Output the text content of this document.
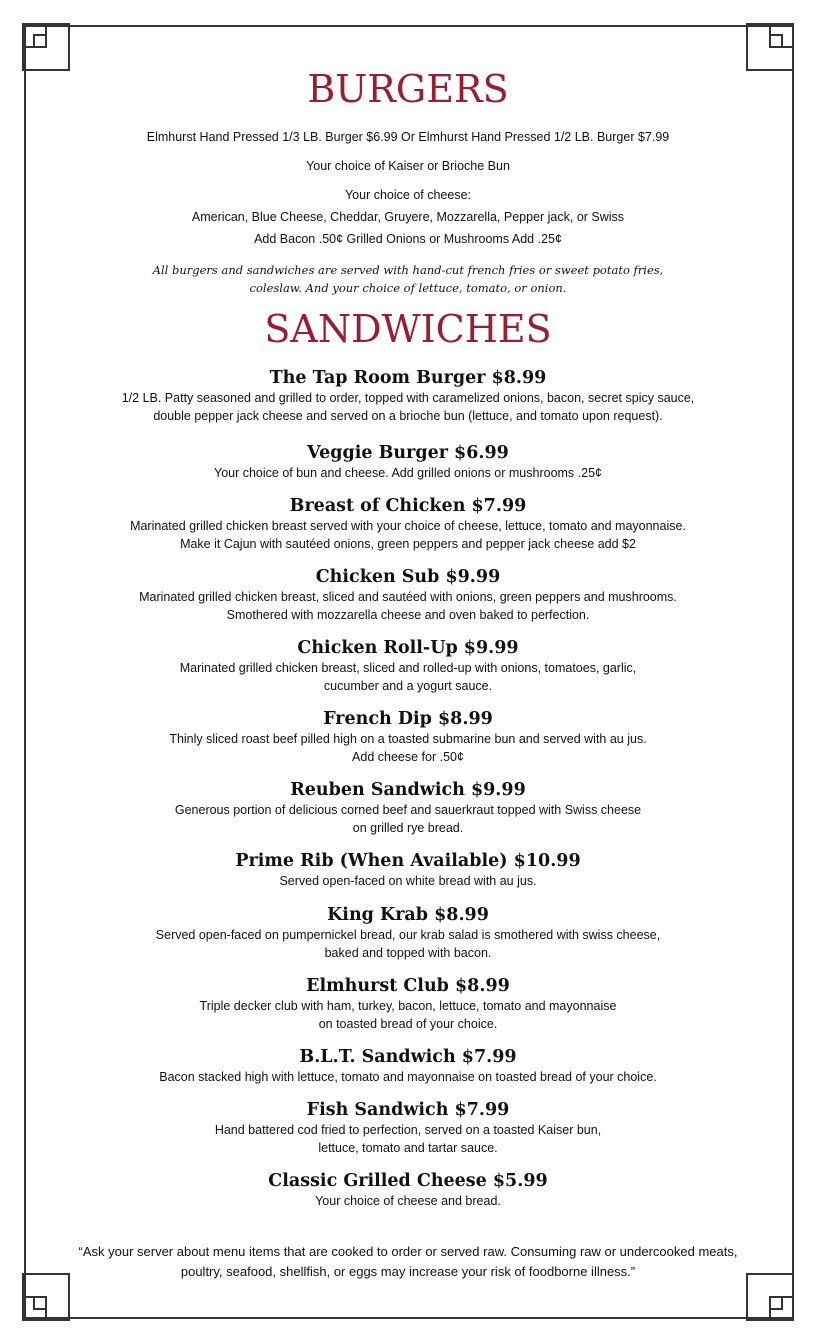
BURGERS

Elmhurst Hand Pressed 1/3 LB. Burger $6.99 Or Elmhurst Hand Pressed 1/2 LB. Burger $7.99

Your choice of Kaiser or Brioche Bun

Your choice of cheese:

American, Blue Cheese, Cheddar, Gruyere, Mozzarella, Pepper jack, or Swiss

Add Bacon .50¢ Grilled Onions or Mushrooms Add .25¢

All burgers and sandwiches are served with hand-cut french fries or sweet potato fries,

coleslaw. And your choice of lettuce, tomato, or onion.

SANDWICHES

The Tap Room Burger $8.99

1/2 LB. Patty seasoned and grilled to order, topped with caramelized onions, bacon, secret spicy sauce,

double pepper jack cheese and served on a brioche bun (lettuce, and tomato upon request).

Veggie Burger $6.99

Your choice of bun and cheese. Add grilled onions or mushrooms .25¢

Breast of Chicken $7.99

Marinated grilled chicken breast served with your choice of cheese, lettuce, tomato and mayonnaise.

Make it Cajun with sautéed onions, green peppers and pepper jack cheese add $2

Chicken Sub $9.99

Marinated grilled chicken breast, sliced and sautéed with onions, green peppers and mushrooms.

Smothered with mozzarella cheese and oven baked to perfection.

Chicken Roll-Up $9.99

Marinated grilled chicken breast, sliced and rolled-up with onions, tomatoes, garlic,

cucumber and a yogurt sauce.

French Dip $8.99

Thinly sliced roast beef pilled high on a toasted submarine bun and served with au jus.

Add cheese for .50¢

Reuben Sandwich $9.99

Generous portion of delicious corned beef and sauerkraut topped with Swiss cheese

on grilled rye bread.

Prime Rib (When Available) $10.99

Served open-faced on white bread with au jus.

King Krab $8.99

Served open-faced on pumpernickel bread, our krab salad is smothered with swiss cheese,

baked and topped with bacon.

Elmhurst Club $8.99

Triple decker club with ham, turkey, bacon, lettuce, tomato and mayonnaise

on toasted bread of your choice.

B.L.T. Sandwich $7.99

Bacon stacked high with lettuce, tomato and mayonnaise on toasted bread of your choice.

Fish Sandwich $7.99

Hand battered cod fried to perfection, served on a toasted Kaiser bun,

lettuce, tomato and tartar sauce.

Classic Grilled Cheese $5.99

Your choice of cheese and bread.

“Ask your server about menu items that are cooked to order or served raw. Consuming raw or undercooked meats,

poultry, seafood, shellfish, or eggs may increase your risk of foodborne illness.”
